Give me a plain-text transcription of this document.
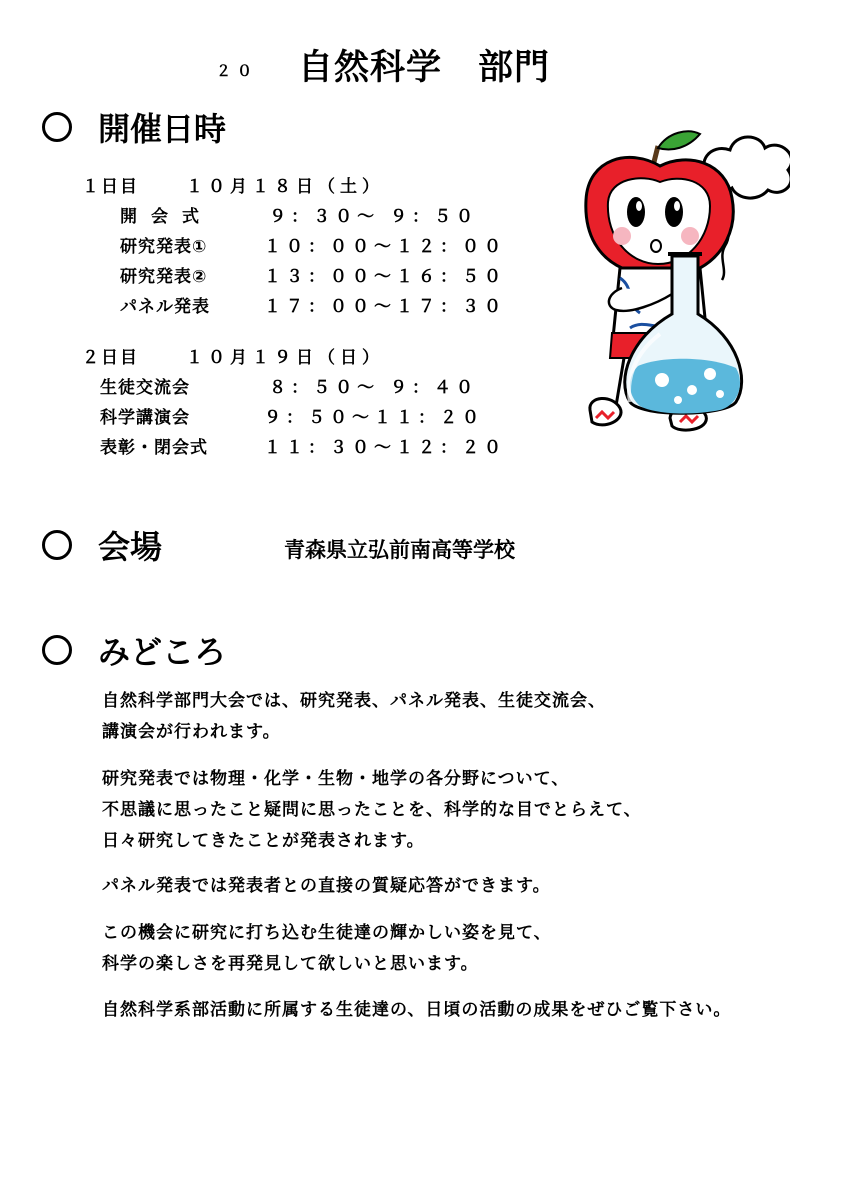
２０ 自然科学　部門
開催日時
１日目	１０月１８日（土）
開会式	９：３０～ ９：５０
研究発表①	１０：００～１２：００
研究発表②	１３：００～１６：５０
パネル発表	１７：００～１７：３０
２日目	１０月１９日（日）
生徒交流会	８：５０～ ９：４０
科学講演会	９：５０～１１：２０
表彰・閉会式	１１：３０～１２：２０
会場	青森県立弘前南高等学校
みどころ
自然科学部門大会では、研究発表、パネル発表、生徒交流会、
講演会が行われます。
研究発表では物理・化学・生物・地学の各分野について、
不思議に思ったこと疑問に思ったことを、科学的な目でとらえて、
日々研究してきたことが発表されます。
パネル発表では発表者との直接の質疑応答ができます。
この機会に研究に打ち込む生徒達の輝かしい姿を見て、
科学の楽しさを再発見して欲しいと思います。
自然科学系部活動に所属する生徒達の、日頃の活動の成果をぜひご覧下さい。
